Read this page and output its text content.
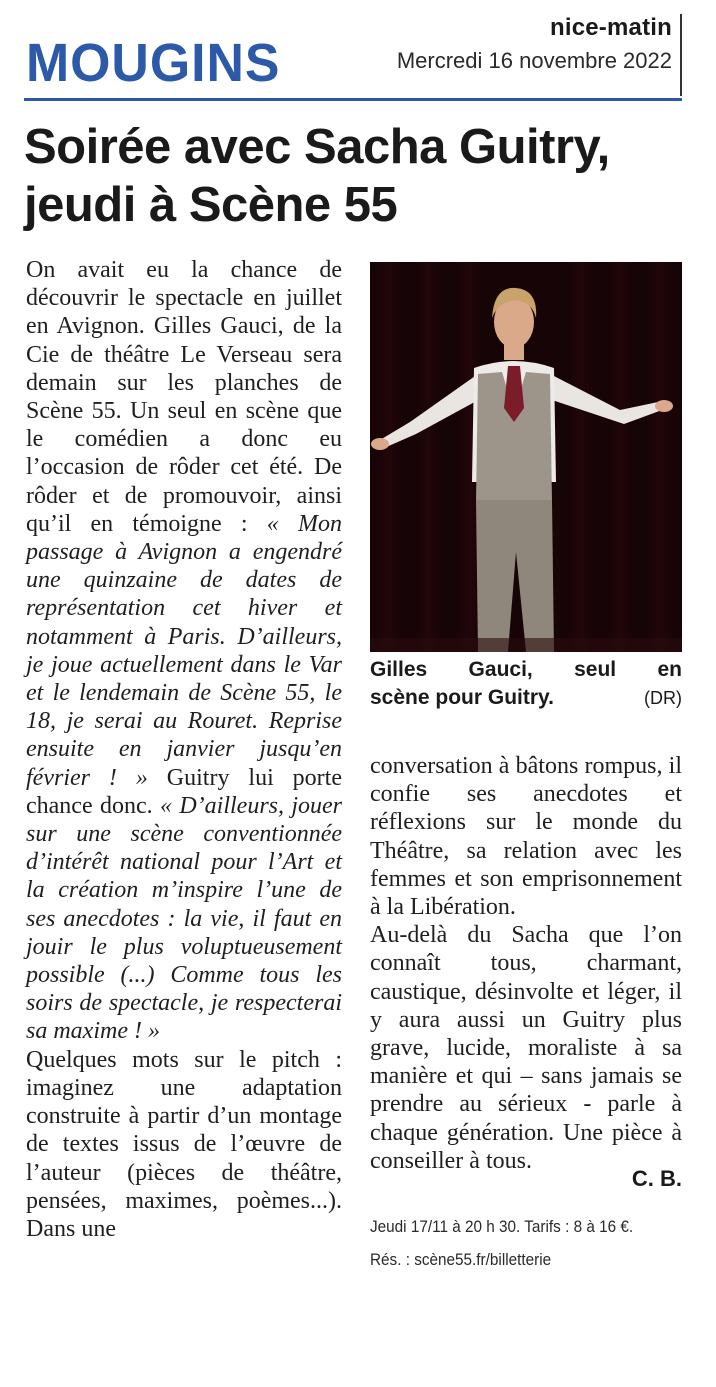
nice-matin
Mercredi 16 novembre 2022
MOUGINS
Soirée avec Sacha Guitry, jeudi à Scène 55

On avait eu la chance de découvrir le spectacle en juillet en Avignon. Gilles Gauci, de la Cie de théâtre Le Verseau sera demain sur les planches de Scène 55. Un seul en scène que le comédien a donc eu l’occasion de rôder cet été. De rôder et de promouvoir, ainsi qu’il en témoigne : « Mon passage à Avignon a engendré une quinzaine de dates de représentation cet hiver et notamment à Paris. D’ailleurs, je joue actuellement dans le Var et le lendemain de Scène 55, le 18, je serai au Rouret. Reprise ensuite en janvier jusqu’en février ! » Guitry lui porte chance donc. « D’ailleurs, jouer sur une scène conventionnée d’intérêt national pour l’Art et la création m’inspire l’une de ses anecdotes : la vie, il faut en jouir le plus voluptueusement possible (...) Comme tous les soirs de spectacle, je respecterai sa maxime ! »

Quelques mots sur le pitch : imaginez une adaptation construite à partir d’un montage de textes issus de l’œuvre de l’auteur (pièces de théâtre, pensées, maximes, poèmes...). Dans une

Gilles Gauci, seul en
scène pour Guitry.	(DR)

conversation à bâtons rompus, il confie ses anecdotes et réflexions sur le monde du Théâtre, sa relation avec les femmes et son emprisonnement à la Libération.

Au-delà du Sacha que l’on connaît tous, charmant, caustique, désinvolte et léger, il y aura aussi un Guitry plus grave, lucide, moraliste à sa manière et qui – sans jamais se prendre au sérieux - parle à chaque génération. Une pièce à conseiller à tous.

C. B.
Jeudi 17/11 à 20 h 30. Tarifs : 8 à 16 €.
Rés. : scène55.fr/billetterie
